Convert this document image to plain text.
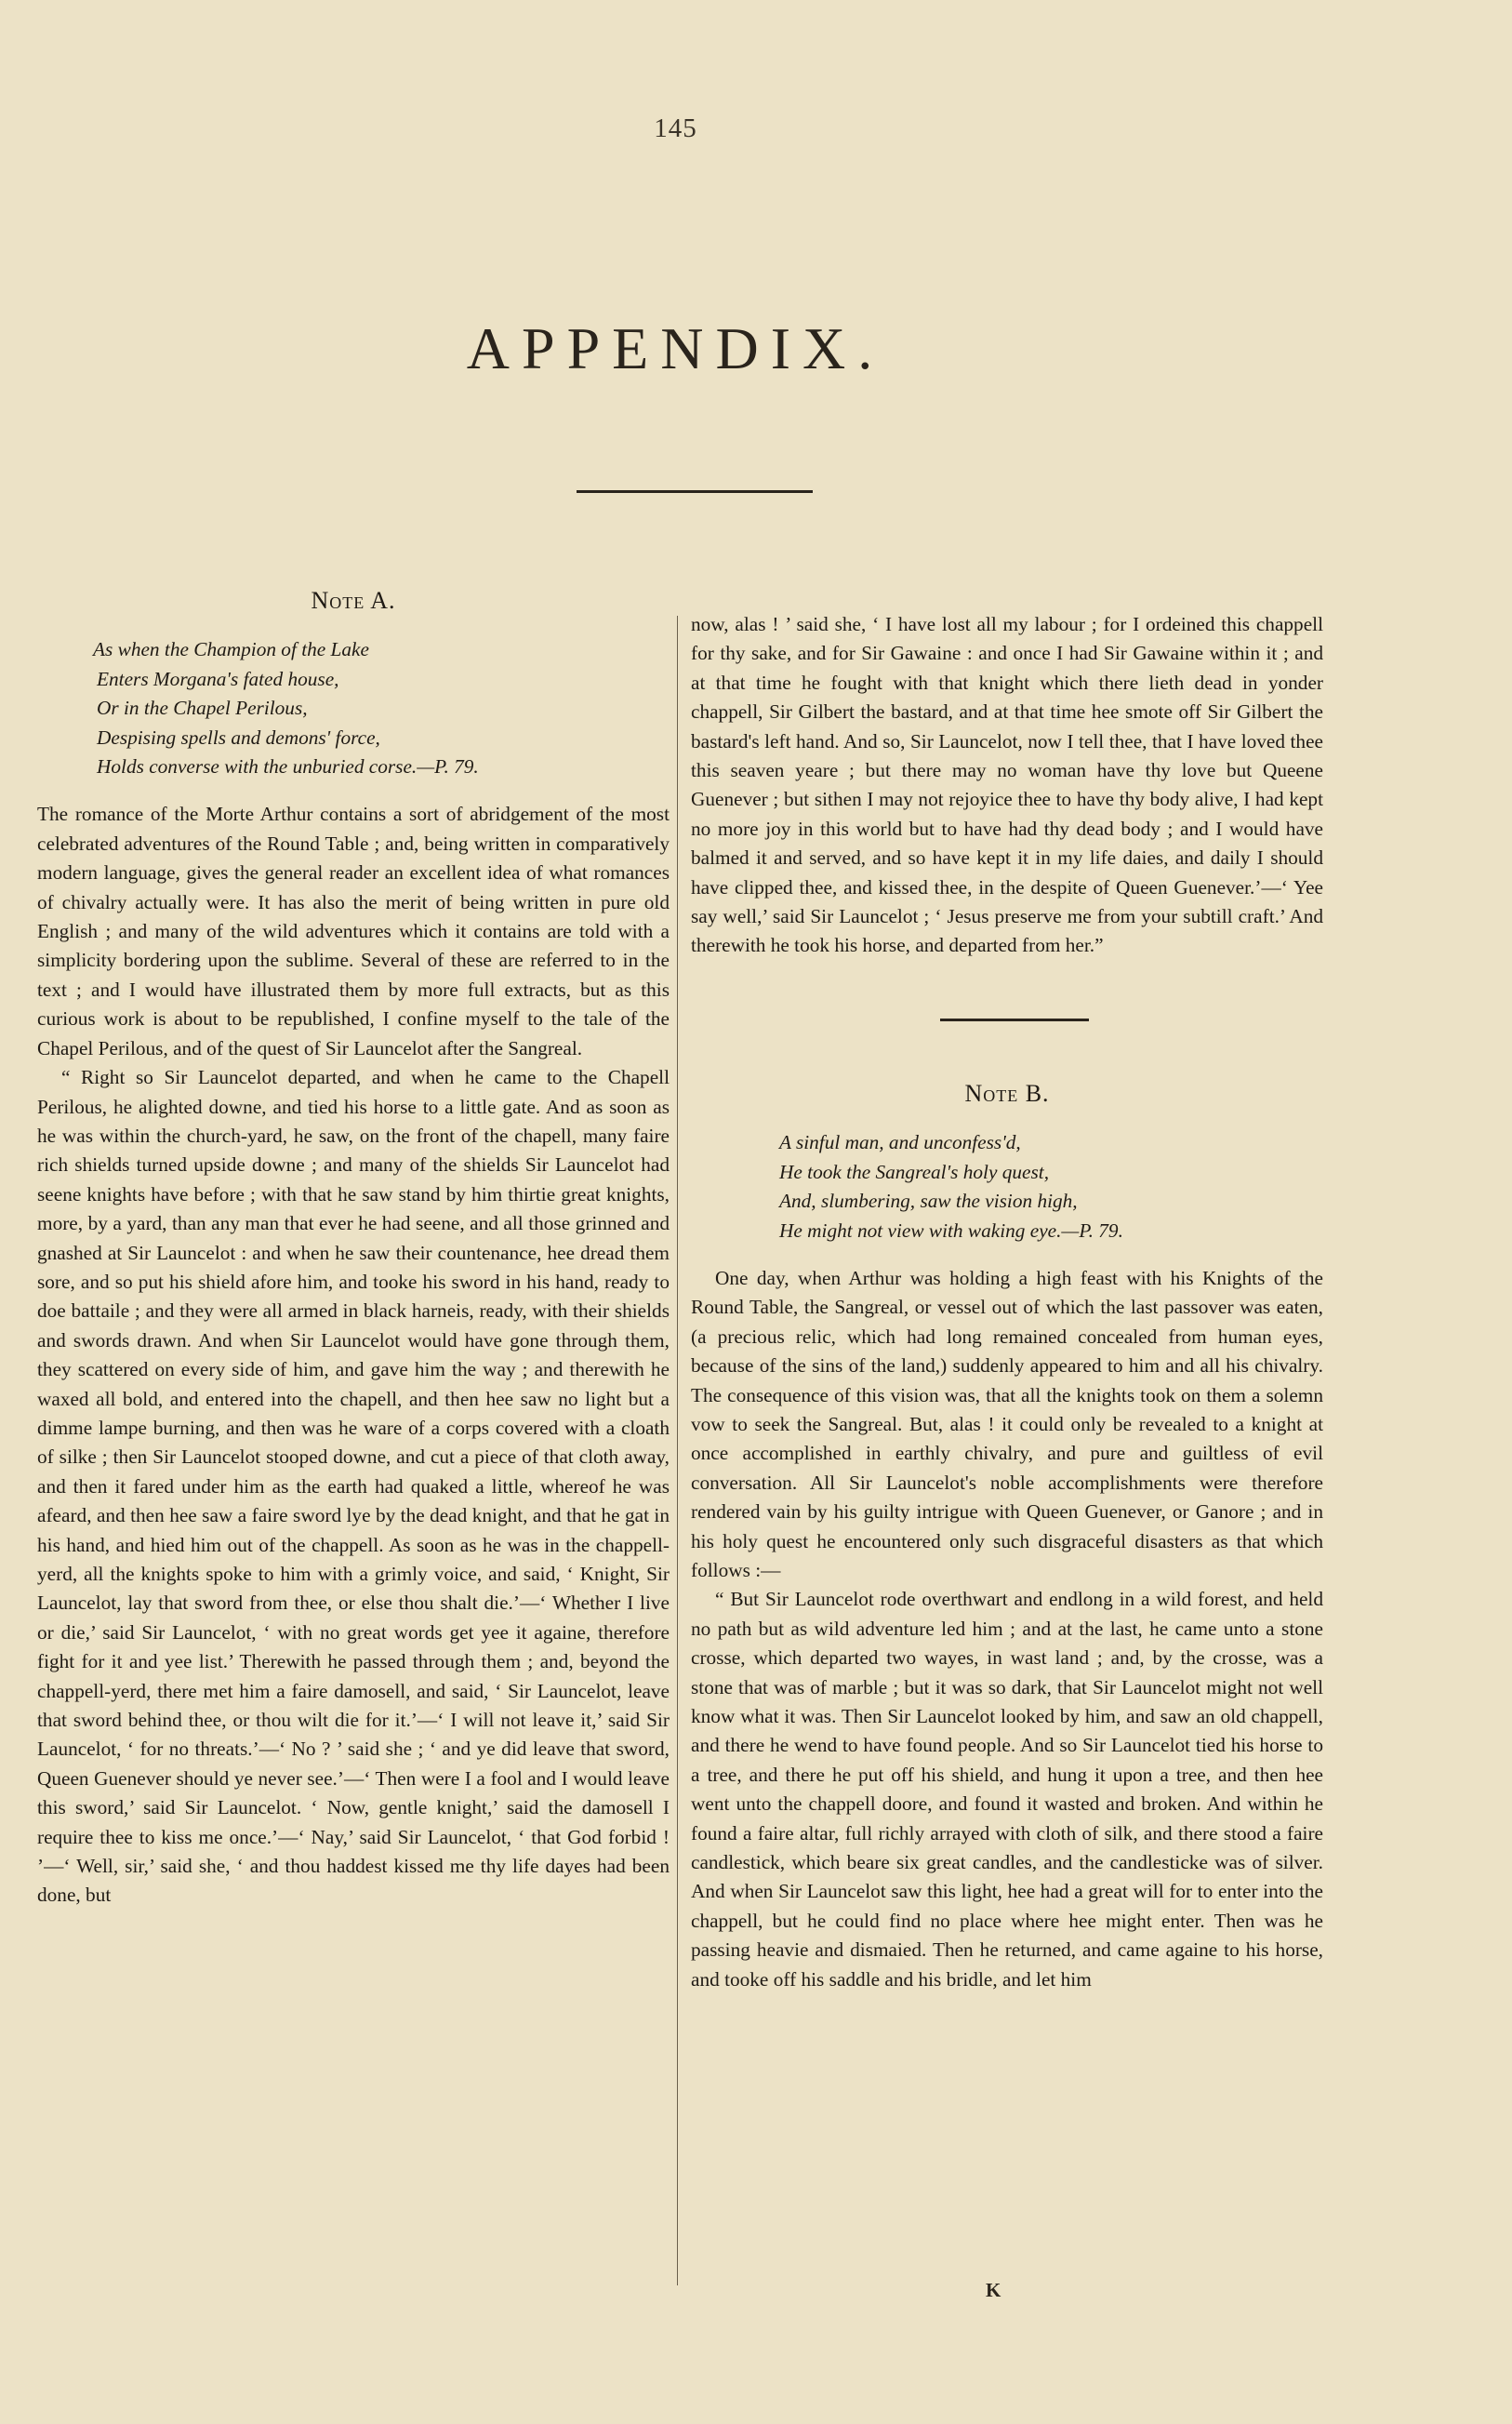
145
APPENDIX.
Note A.
As when the Champion of the Lake
Enters Morgana's fated house,
Or in the Chapel Perilous,
Despising spells and demons' force,
Holds converse with the unburied corse.—P. 79.

The romance of the Morte Arthur contains a sort of abridgement of the most celebrated adventures of the Round Table ; and, being written in comparatively modern language, gives the general reader an excellent idea of what romances of chivalry actually were. It has also the merit of being written in pure old English ; and many of the wild adventures which it contains are told with a simplicity bordering upon the sublime. Several of these are referred to in the text ; and I would have illustrated them by more full extracts, but as this curious work is about to be republished, I confine myself to the tale of the Chapel Perilous, and of the quest of Sir Launcelot after the Sangreal.

“ Right so Sir Launcelot departed, and when he came to the Chapell Perilous, he alighted downe, and tied his horse to a little gate. And as soon as he was within the church-yard, he saw, on the front of the chapell, many faire rich shields turned upside downe ; and many of the shields Sir Launcelot had seene knights have before ; with that he saw stand by him thirtie great knights, more, by a yard, than any man that ever he had seene, and all those grinned and gnashed at Sir Launcelot : and when he saw their countenance, hee dread them sore, and so put his shield afore him, and tooke his sword in his hand, ready to doe battaile ; and they were all armed in black harneis, ready, with their shields and swords drawn. And when Sir Launcelot would have gone through them, they scattered on every side of him, and gave him the way ; and therewith he waxed all bold, and entered into the chapell, and then hee saw no light but a dimme lampe burning, and then was he ware of a corps covered with a cloath of silke ; then Sir Launcelot stooped downe, and cut a piece of that cloth away, and then it fared under him as the earth had quaked a little, whereof he was afeard, and then hee saw a faire sword lye by the dead knight, and that he gat in his hand, and hied him out of the chappell. As soon as he was in the chappell-yerd, all the knights spoke to him with a grimly voice, and said, ‘ Knight, Sir Launcelot, lay that sword from thee, or else thou shalt die.’—‘ Whether I live or die,’ said Sir Launcelot, ‘ with no great words get yee it againe, therefore fight for it and yee list.’ Therewith he passed through them ; and, beyond the chappell-yerd, there met him a faire damosell, and said, ‘ Sir Launcelot, leave that sword behind thee, or thou wilt die for it.’—‘ I will not leave it,’ said Sir Launcelot, ‘ for no threats.’—‘ No ? ’ said she ; ‘ and ye did leave that sword, Queen Guenever should ye never see.’—‘ Then were I a fool and I would leave this sword,’ said Sir Launcelot. ‘ Now, gentle knight,’ said the damosell I require thee to kiss me once.’—‘ Nay,’ said Sir Launcelot, ‘ that God forbid ! ’—‘ Well, sir,’ said she, ‘ and thou haddest kissed me thy life dayes had been done, but

now, alas ! ’ said she, ‘ I have lost all my labour ; for I ordeined this chappell for thy sake, and for Sir Gawaine : and once I had Sir Gawaine within it ; and at that time he fought with that knight which there lieth dead in yonder chappell, Sir Gilbert the bastard, and at that time hee smote off Sir Gilbert the bastard's left hand. And so, Sir Launcelot, now I tell thee, that I have loved thee this seaven yeare ; but there may no woman have thy love but Queene Guenever ; but sithen I may not rejoyice thee to have thy body alive, I had kept no more joy in this world but to have had thy dead body ; and I would have balmed it and served, and so have kept it in my life daies, and daily I should have clipped thee, and kissed thee, in the despite of Queen Guenever.’—‘ Yee say well,’ said Sir Launcelot ; ‘ Jesus preserve me from your subtill craft.’ And therewith he took his horse, and departed from her.”

Note B.
A sinful man, and unconfess'd,
He took the Sangreal's holy quest,
And, slumbering, saw the vision high,
He might not view with waking eye.—P. 79.

One day, when Arthur was holding a high feast with his Knights of the Round Table, the Sangreal, or vessel out of which the last passover was eaten, (a precious relic, which had long remained concealed from human eyes, because of the sins of the land,) suddenly appeared to him and all his chivalry. The consequence of this vision was, that all the knights took on them a solemn vow to seek the Sangreal. But, alas ! it could only be revealed to a knight at once accomplished in earthly chivalry, and pure and guiltless of evil conversation. All Sir Launcelot's noble accomplishments were therefore rendered vain by his guilty intrigue with Queen Guenever, or Ganore ; and in his holy quest he encountered only such disgraceful disasters as that which follows :—

“ But Sir Launcelot rode overthwart and endlong in a wild forest, and held no path but as wild adventure led him ; and at the last, he came unto a stone crosse, which departed two wayes, in wast land ; and, by the crosse, was a stone that was of marble ; but it was so dark, that Sir Launcelot might not well know what it was. Then Sir Launcelot looked by him, and saw an old chappell, and there he wend to have found people. And so Sir Launcelot tied his horse to a tree, and there he put off his shield, and hung it upon a tree, and then hee went unto the chappell doore, and found it wasted and broken. And within he found a faire altar, full richly arrayed with cloth of silk, and there stood a faire candlestick, which beare six great candles, and the candlesticke was of silver. And when Sir Launcelot saw this light, hee had a great will for to enter into the chappell, but he could find no place where hee might enter. Then was he passing heavie and dismaied. Then he returned, and came againe to his horse, and tooke off his saddle and his bridle, and let him

K
